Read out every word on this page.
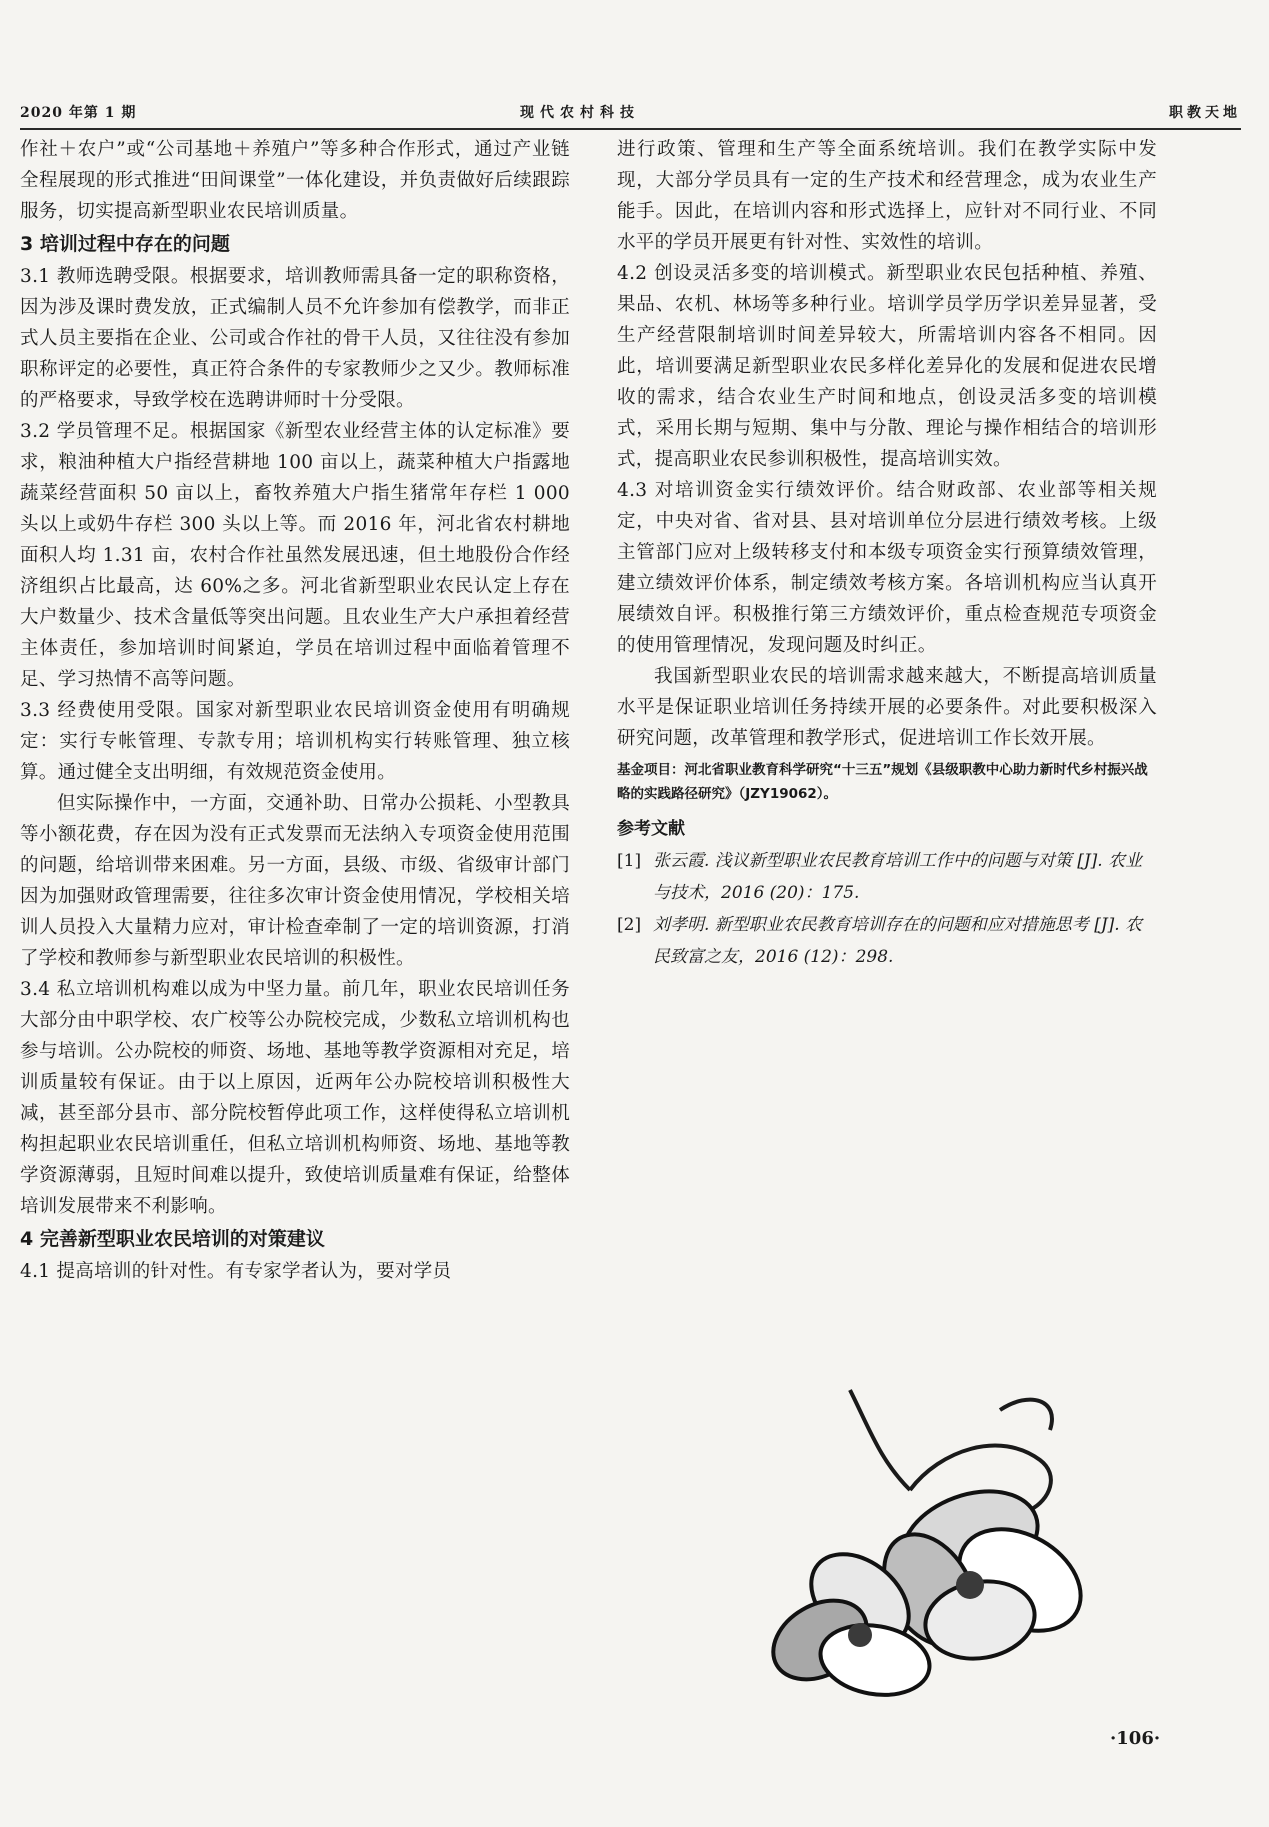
2020 年第 1 期	现代农村科技	职教天地

作社＋农户”或“公司基地＋养殖户”等多种合作形式，通过产业链全程展现的形式推进“田间课堂”一体化建设，并负责做好后续跟踪服务，切实提高新型职业农民培训质量。

3 培训过程中存在的问题

3.1 教师选聘受限。根据要求，培训教师需具备一定的职称资格，因为涉及课时费发放，正式编制人员不允许参加有偿教学，而非正式人员主要指在企业、公司或合作社的骨干人员，又往往没有参加职称评定的必要性，真正符合条件的专家教师少之又少。教师标准的严格要求，导致学校在选聘讲师时十分受限。

3.2 学员管理不足。根据国家《新型农业经营主体的认定标准》要求，粮油种植大户指经营耕地 100 亩以上，蔬菜种植大户指露地蔬菜经营面积 50 亩以上，畜牧养殖大户指生猪常年存栏 1 000 头以上或奶牛存栏 300 头以上等。而 2016 年，河北省农村耕地面积人均 1.31 亩，农村合作社虽然发展迅速，但土地股份合作经济组织占比最高，达 60%之多。河北省新型职业农民认定上存在大户数量少、技术含量低等突出问题。且农业生产大户承担着经营主体责任，参加培训时间紧迫，学员在培训过程中面临着管理不足、学习热情不高等问题。

3.3 经费使用受限。国家对新型职业农民培训资金使用有明确规定：实行专帐管理、专款专用；培训机构实行转账管理、独立核算。通过健全支出明细，有效规范资金使用。

但实际操作中，一方面，交通补助、日常办公损耗、小型教具等小额花费，存在因为没有正式发票而无法纳入专项资金使用范围的问题，给培训带来困难。另一方面，县级、市级、省级审计部门因为加强财政管理需要，往往多次审计资金使用情况，学校相关培训人员投入大量精力应对，审计检查牵制了一定的培训资源，打消了学校和教师参与新型职业农民培训的积极性。

3.4 私立培训机构难以成为中坚力量。前几年，职业农民培训任务大部分由中职学校、农广校等公办院校完成，少数私立培训机构也参与培训。公办院校的师资、场地、基地等教学资源相对充足，培训质量较有保证。由于以上原因，近两年公办院校培训积极性大减，甚至部分县市、部分院校暂停此项工作，这样使得私立培训机构担起职业农民培训重任，但私立培训机构师资、场地、基地等教学资源薄弱，且短时间难以提升，致使培训质量难有保证，给整体培训发展带来不利影响。

4 完善新型职业农民培训的对策建议

4.1 提高培训的针对性。有专家学者认为，要对学员

进行政策、管理和生产等全面系统培训。我们在教学实际中发现，大部分学员具有一定的生产技术和经营理念，成为农业生产能手。因此，在培训内容和形式选择上，应针对不同行业、不同水平的学员开展更有针对性、实效性的培训。

4.2 创设灵活多变的培训模式。新型职业农民包括种植、养殖、果品、农机、林场等多种行业。培训学员学历学识差异显著，受生产经营限制培训时间差异较大，所需培训内容各不相同。因此，培训要满足新型职业农民多样化差异化的发展和促进农民增收的需求，结合农业生产时间和地点，创设灵活多变的培训模式，采用长期与短期、集中与分散、理论与操作相结合的培训形式，提高职业农民参训积极性，提高培训实效。

4.3 对培训资金实行绩效评价。结合财政部、农业部等相关规定，中央对省、省对县、县对培训单位分层进行绩效考核。上级主管部门应对上级转移支付和本级专项资金实行预算绩效管理，建立绩效评价体系，制定绩效考核方案。各培训机构应当认真开展绩效自评。积极推行第三方绩效评价，重点检查规范专项资金的使用管理情况，发现问题及时纠正。

我国新型职业农民的培训需求越来越大，不断提高培训质量水平是保证职业培训任务持续开展的必要条件。对此要积极深入研究问题，改革管理和教学形式，促进培训工作长效开展。

基金项目：河北省职业教育科学研究“十三五”规划《县级职教中心助力新时代乡村振兴战略的实践路径研究》（JZY19062）。
参考文献
[1] 张云霞. 浅议新型职业农民教育培训工作中的问题与对策 [J]. 农业与技术，2016 (20)：175.
[2] 刘孝明. 新型职业农民教育培训存在的问题和应对措施思考 [J]. 农民致富之友，2016 (12)：298.
·106·
